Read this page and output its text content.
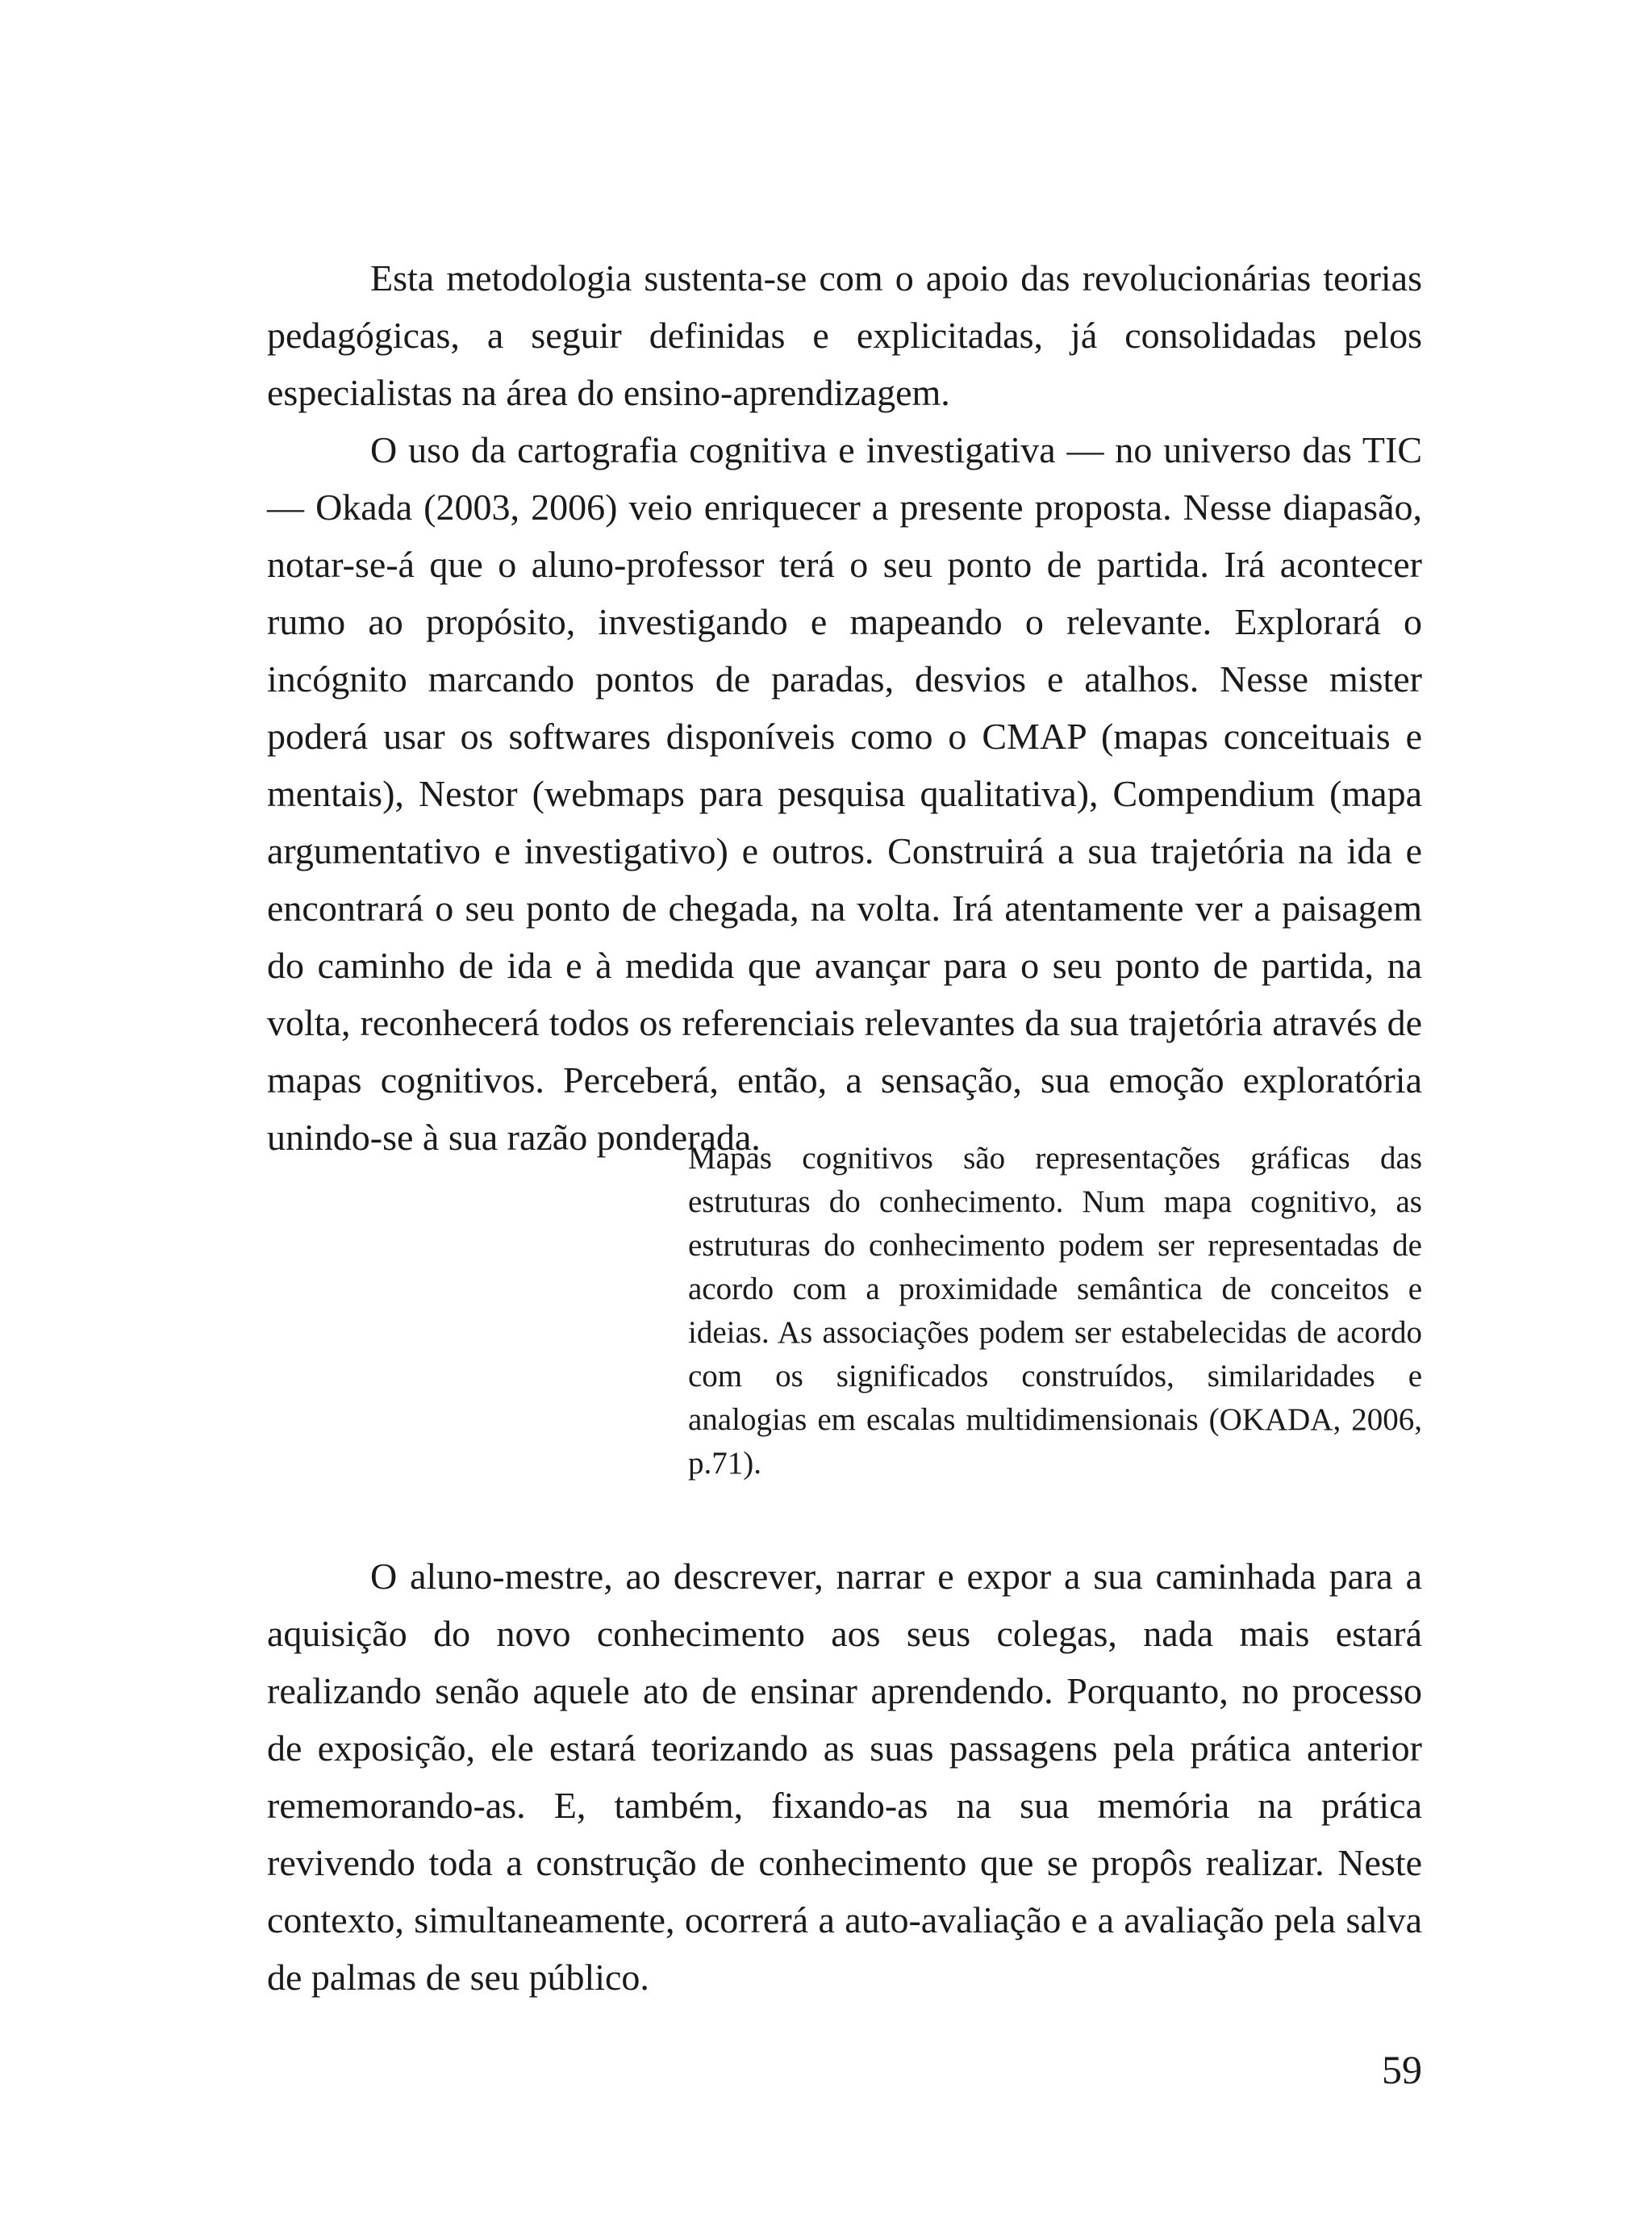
Esta metodologia sustenta-se com o apoio das revolucionárias teorias pedagógicas, a seguir definidas e explicitadas, já consolidadas pelos especialistas na área do ensino-aprendizagem.

O uso da cartografia cognitiva e investigativa — no universo das TIC — Okada (2003, 2006) veio enriquecer a presente proposta. Nesse diapasão, notar-se-á que o aluno-professor terá o seu ponto de partida. Irá acontecer rumo ao propósito, investigando e mapeando o relevante. Explorará o incógnito marcando pontos de paradas, desvios e atalhos. Nesse mister poderá usar os softwares disponíveis como o CMAP (mapas conceituais e mentais), Nestor (webmaps para pesquisa qualitativa), Compendium (mapa argumentativo e investigativo) e outros. Construirá a sua trajetória na ida e encontrará o seu ponto de chegada, na volta. Irá atentamente ver a paisagem do caminho de ida e à medida que avançar para o seu ponto de partida, na volta, reconhecerá todos os referenciais relevantes da sua trajetória através de mapas cognitivos. Perceberá, então, a sensação, sua emoção exploratória unindo-se à sua razão ponderada.

Mapas cognitivos são representações gráficas das estruturas do conhecimento. Num mapa cognitivo, as estruturas do conhecimento podem ser representadas de acordo com a proximidade semântica de conceitos e ideias. As associações podem ser estabelecidas de acordo com os significados construídos, similaridades e analogias em escalas multidimensionais (OKADA, 2006, p.71).

O aluno-mestre, ao descrever, narrar e expor a sua caminhada para a aquisição do novo conhecimento aos seus colegas, nada mais estará realizando senão aquele ato de ensinar aprendendo. Porquanto, no processo de exposição, ele estará teorizando as suas passagens pela prática anterior rememorando-as. E, também, fixando-as na sua memória na prática revivendo toda a construção de conhecimento que se propôs realizar. Neste contexto, simultaneamente, ocorrerá a auto-avaliação e a avaliação pela salva de palmas de seu público.

59
